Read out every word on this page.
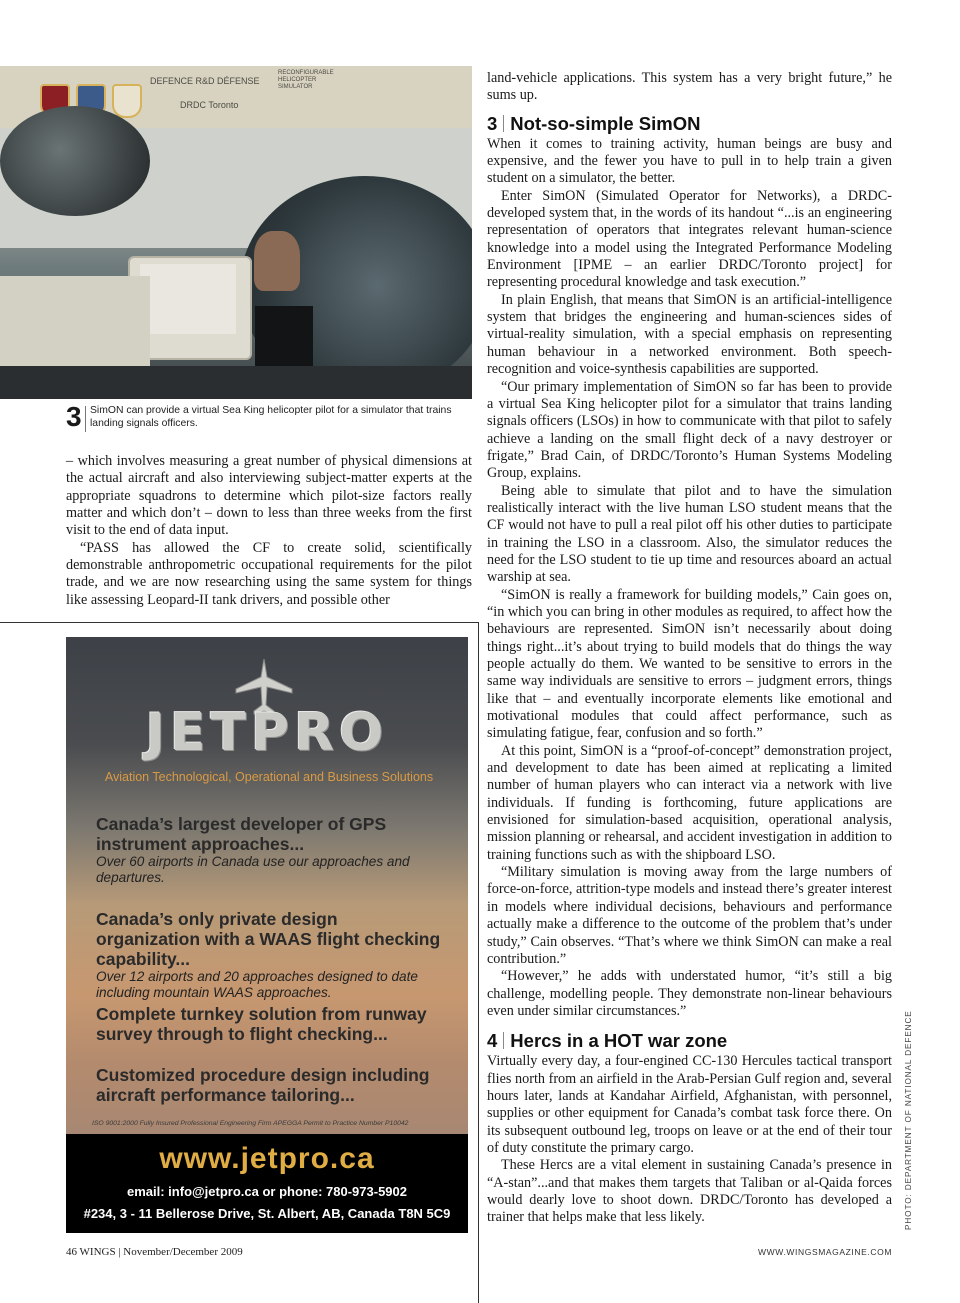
DEFENCE R&D DÉFENSE
DRDC Toronto
RECONFIGURABLE HELICOPTER SIMULATOR
3 SimON can provide a virtual Sea King helicopter pilot for a simulator that trains landing signals officers.

– which involves measuring a great number of physical dimensions at the actual aircraft and also interviewing subject-matter experts at the appropriate squadrons to determine which pilot-size factors really matter and which don’t – down to less than three weeks from the first visit to the end of data input.

“PASS has allowed the CF to create solid, scientifically demonstrable anthropometric occupational requirements for the pilot trade, and we are now researching using the same system for things like assessing Leopard-II tank drivers, and possible other

JETPRO
Aviation Technological, Operational and Business Solutions
Canada’s largest developer of GPS instrument approaches...
Over 60 airports in Canada use our approaches and departures.
Canada’s only private design organization with a WAAS flight checking capability...
Over 12 airports and 20 approaches designed to date including mountain WAAS approaches.
Complete turnkey solution from runway survey through to flight checking...
Customized procedure design including aircraft performance tailoring...
ISO 9001:2000 Fully Insured Professional Engineering Firm APEGGA Permit to Practice Number P10042
www.jetpro.ca
email: info@jetpro.ca or phone: 780-973-5902
#234, 3 - 11 Bellerose Drive, St. Albert, AB, Canada T8N 5C9

land-vehicle applications. This system has a very bright future,” he sums up.

3 Not-so-simple SimON

When it comes to training activity, human beings are busy and expensive, and the fewer you have to pull in to help train a given student on a simulator, the better.

Enter SimON (Simulated Operator for Networks), a DRDC-developed system that, in the words of its handout “...is an engineering representation of operators that integrates relevant human-science knowledge into a model using the Integrated Performance Modeling Environment [IPME – an earlier DRDC/Toronto project] for representing procedural knowledge and task execution.”

In plain English, that means that SimON is an artificial-intelligence system that bridges the engineering and human-sciences sides of virtual-reality simulation, with a special emphasis on representing human behaviour in a networked environment. Both speech-recognition and voice-synthesis capabilities are supported.

“Our primary implementation of SimON so far has been to provide a virtual Sea King helicopter pilot for a simulator that trains landing signals officers (LSOs) in how to communicate with that pilot to safely achieve a landing on the small flight deck of a navy destroyer or frigate,” Brad Cain, of DRDC/Toronto’s Human Systems Modeling Group, explains.

Being able to simulate that pilot and to have the simulation realistically interact with the live human LSO student means that the CF would not have to pull a real pilot off his other duties to participate in training the LSO in a classroom. Also, the simulator reduces the need for the LSO student to tie up time and resources aboard an actual warship at sea.

“SimON is really a framework for building models,” Cain goes on, “in which you can bring in other modules as required, to affect how the behaviours are represented. SimON isn’t necessarily about doing things right...it’s about trying to build models that do things the way people actually do them. We wanted to be sensitive to errors in the same way individuals are sensitive to errors – judgment errors, things like that – and eventually incorporate elements like emotional and motivational modules that could affect performance, such as simulating fatigue, fear, confusion and so forth.”

At this point, SimON is a “proof-of-concept” demonstration project, and development to date has been aimed at replicating a limited number of human players who can interact via a network with live individuals. If funding is forthcoming, future applications are envisioned for simulation-based acquisition, operational analysis, mission planning or rehearsal, and accident investigation in addition to training functions such as with the shipboard LSO.

“Military simulation is moving away from the large numbers of force-on-force, attrition-type models and instead there’s greater interest in models where individual decisions, behaviours and performance actually make a difference to the outcome of the problem that’s under study,” Cain observes. “That’s where we think SimON can make a real contribution.”

“However,” he adds with understated humor, “it’s still a big challenge, modelling people. They demonstrate non-linear behaviours even under similar circumstances.”

4 Hercs in a HOT war zone

Virtually every day, a four-engined CC-130 Hercules tactical transport flies north from an airfield in the Arab-Persian Gulf region and, several hours later, lands at Kandahar Airfield, Afghanistan, with personnel, supplies or other equipment for Canada’s combat task force there. On its subsequent outbound leg, troops on leave or at the end of their tour of duty constitute the primary cargo.

These Hercs are a vital element in sustaining Canada’s presence in “A-stan”...and that makes them targets that Taliban or al-Qaida forces would dearly love to shoot down. DRDC/Toronto has developed a trainer that helps make that less likely.

46 WINGS | November/December 2009	WWW.WINGSMAGAZINE.COM
PHOTO: DEPARTMENT OF NATIONAL DEFENCE
